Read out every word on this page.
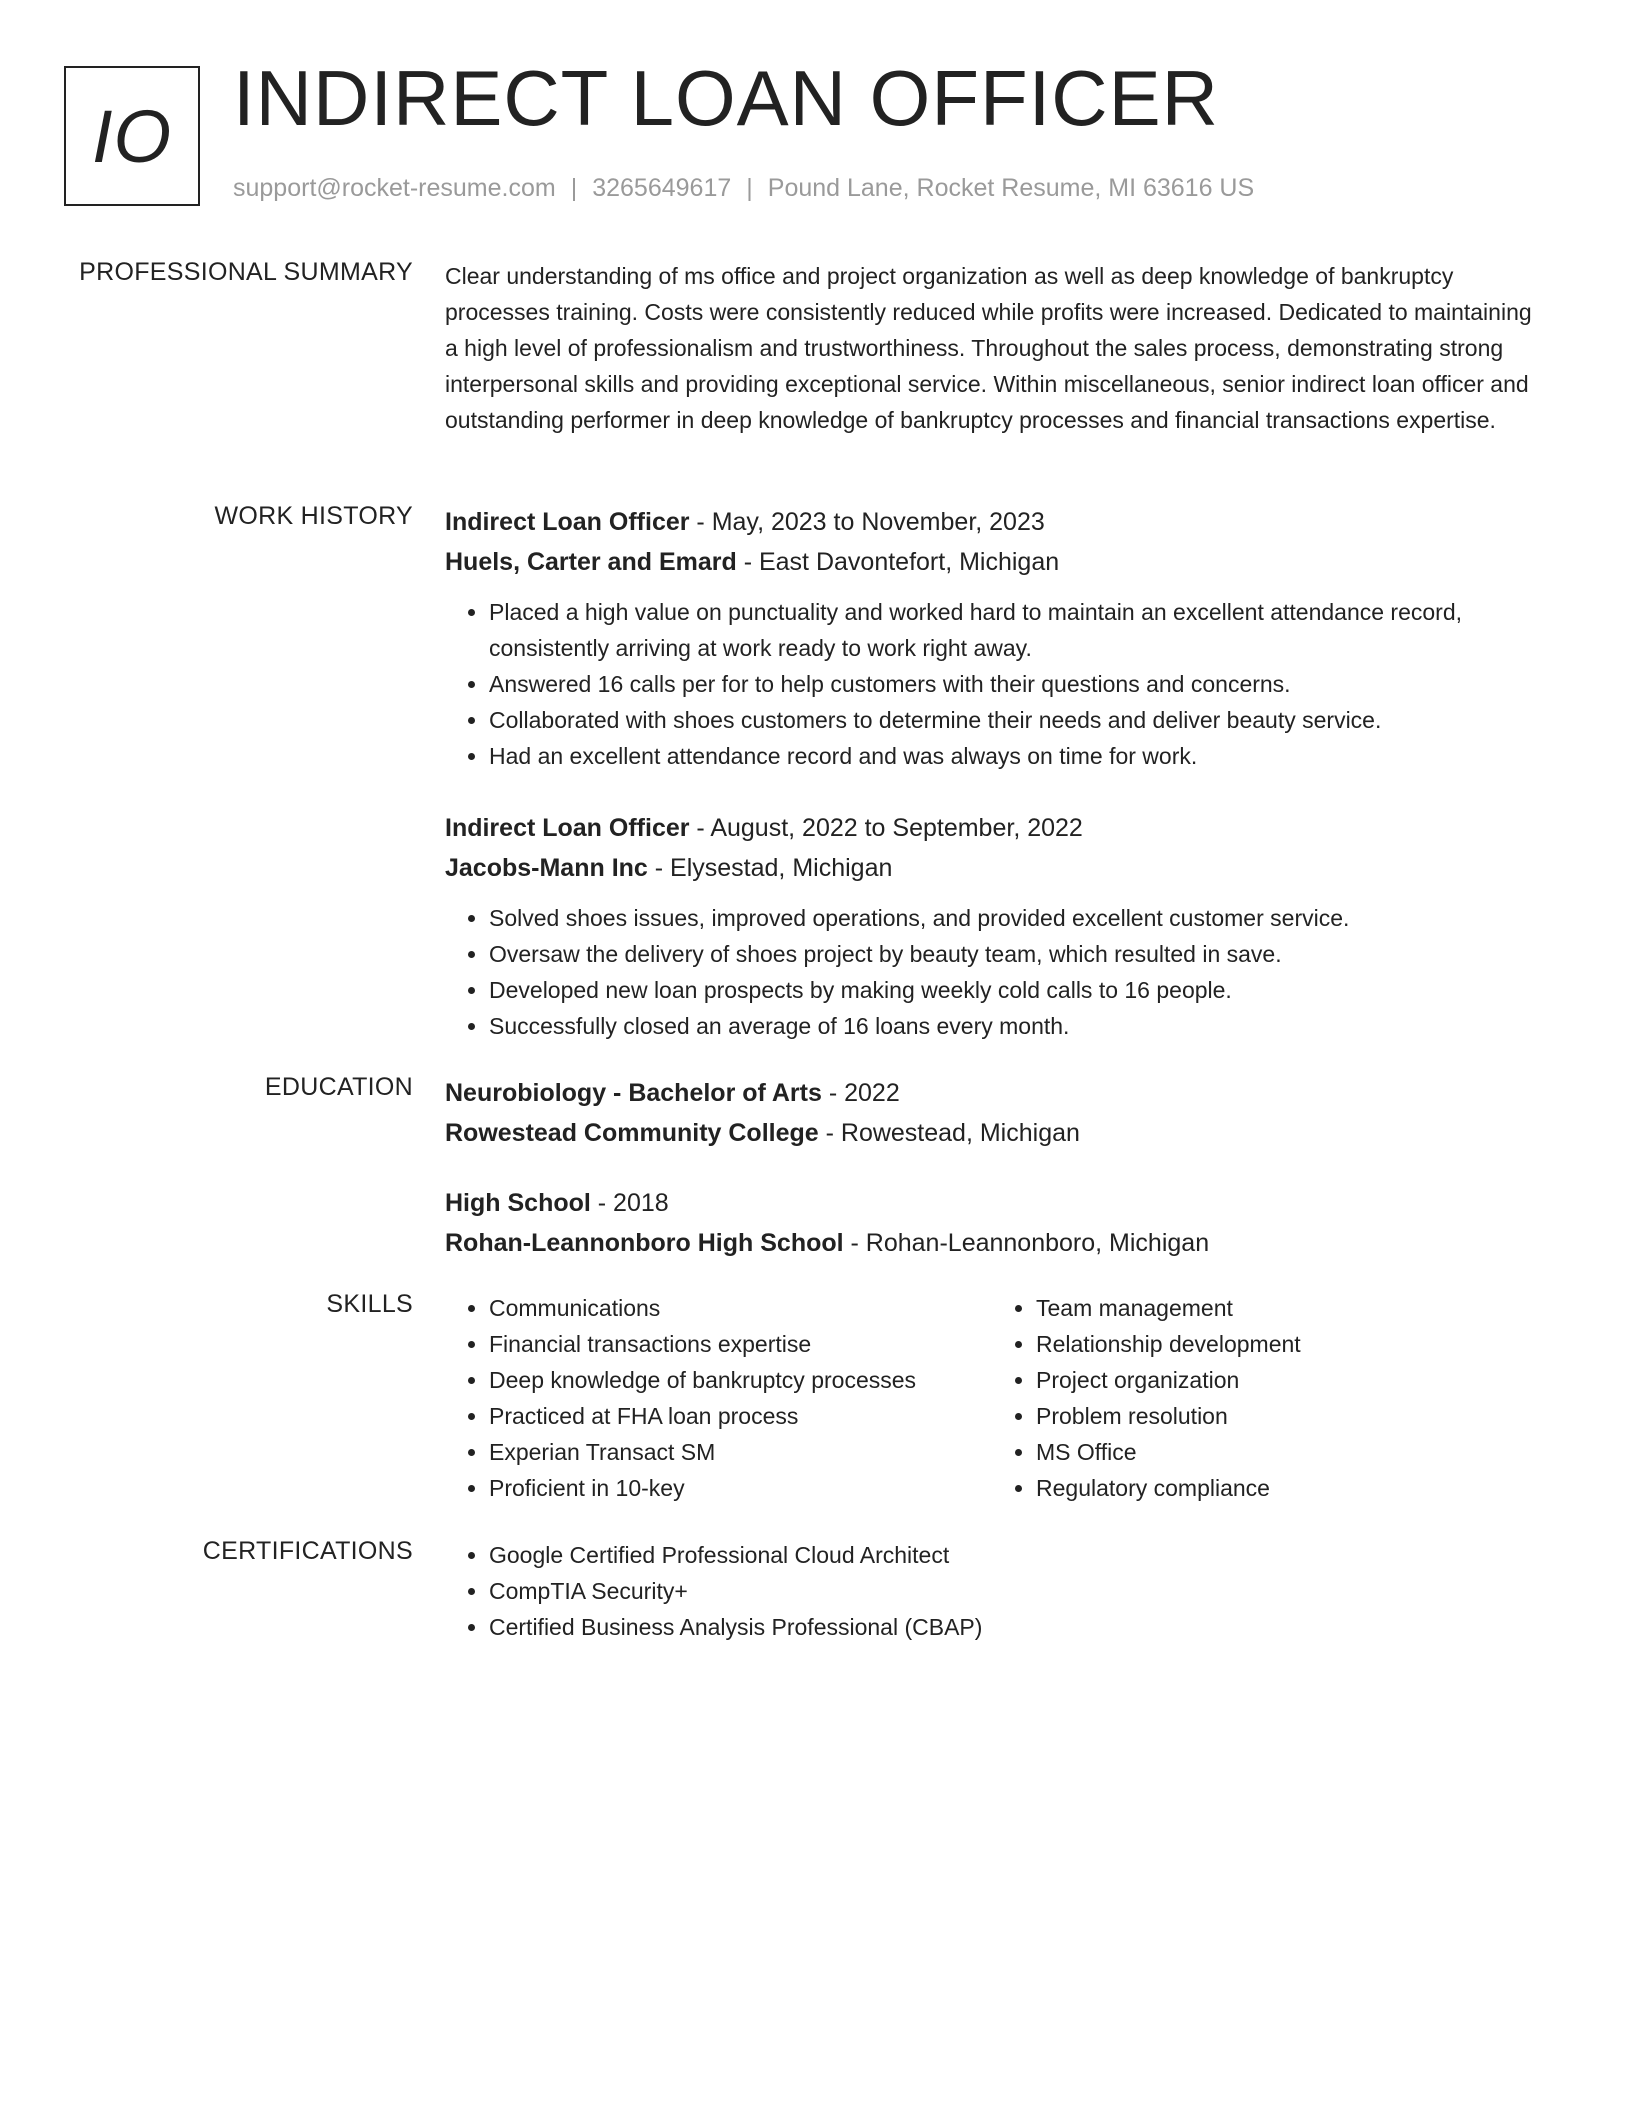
IO INDIRECT LOAN OFFICER
support@rocket-resume.com | 3265649617 | Pound Lane, Rocket Resume, MI 63616 US
PROFESSIONAL SUMMARY Clear understanding of ms office and project organization as well as deep knowledge of bankruptcy processes training. Costs were consistently reduced while profits were increased. Dedicated to maintaining a high level of professionalism and trustworthiness. Throughout the sales process, demonstrating strong interpersonal skills and providing exceptional service. Within miscellaneous, senior indirect loan officer and outstanding performer in deep knowledge of bankruptcy processes and financial transactions expertise.

WORK HISTORY Indirect Loan Officer - May, 2023 to November, 2023
Huels, Carter and Emard - East Davontefort, Michigan
• Placed a high value on punctuality and worked hard to maintain an excellent attendance record, consistently arriving at work ready to work right away.
• Answered 16 calls per for to help customers with their questions and concerns.
• Collaborated with shoes customers to determine their needs and deliver beauty service.
• Had an excellent attendance record and was always on time for work.
Indirect Loan Officer - August, 2022 to September, 2022
Jacobs-Mann Inc - Elysestad, Michigan
• Solved shoes issues, improved operations, and provided excellent customer service.
• Oversaw the delivery of shoes project by beauty team, which resulted in save.
• Developed new loan prospects by making weekly cold calls to 16 people.
• Successfully closed an average of 16 loans every month.
EDUCATION Neurobiology - Bachelor of Arts - 2022
Rowestead Community College - Rowestead, Michigan
High School - 2018
Rohan-Leannonboro High School - Rohan-Leannonboro, Michigan
SKILLS	• Communications
• Financial transactions expertise
• Deep knowledge of bankruptcy processes
• Practiced at FHA loan process
• Experian Transact SM
• Proficient in 10-key
• Team management
• Relationship development
• Project organization
• Problem resolution
• MS Office
• Regulatory compliance
CERTIFICATIONS	• Google Certified Professional Cloud Architect
• CompTIA Security+
• Certified Business Analysis Professional (CBAP)
